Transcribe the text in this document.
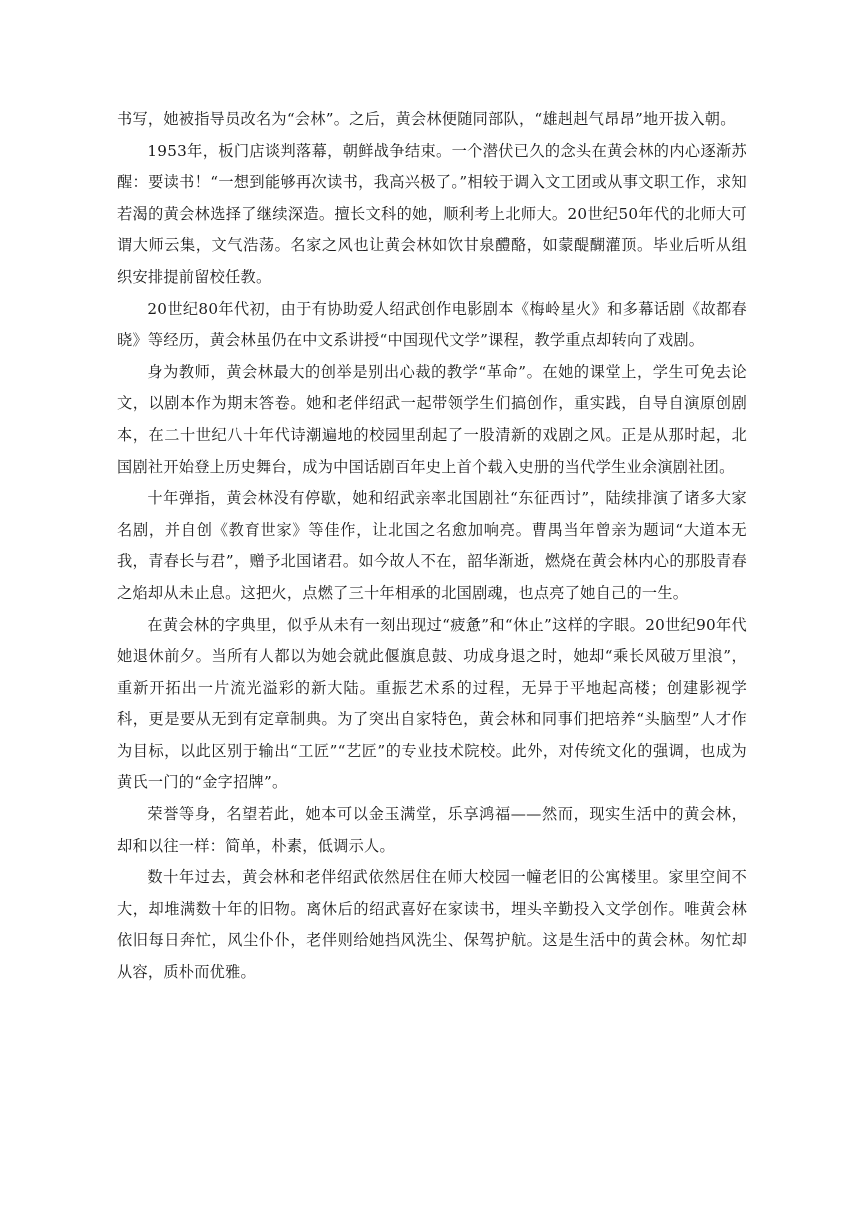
书写，她被指导员改名为“会林”。之后，黄会林便随同部队，“雄赳赳气昂昂”地开拔入朝。

1953年，板门店谈判落幕，朝鲜战争结束。一个潜伏已久的念头在黄会林的内心逐渐苏醒：要读书！“一想到能够再次读书，我高兴极了。”相较于调入文工团或从事文职工作，求知若渴的黄会林选择了继续深造。擅长文科的她，顺利考上北师大。20世纪50年代的北师大可谓大师云集，文气浩荡。名家之风也让黄会林如饮甘泉醴酪，如蒙醍醐灌顶。毕业后听从组织安排提前留校任教。

20世纪80年代初，由于有协助爱人绍武创作电影剧本《梅岭星火》和多幕话剧《故都春晓》等经历，黄会林虽仍在中文系讲授“中国现代文学”课程，教学重点却转向了戏剧。

身为教师，黄会林最大的创举是别出心裁的教学“革命”。在她的课堂上，学生可免去论文，以剧本作为期末答卷。她和老伴绍武一起带领学生们搞创作，重实践，自导自演原创剧本，在二十世纪八十年代诗潮遍地的校园里刮起了一股清新的戏剧之风。正是从那时起，北国剧社开始登上历史舞台，成为中国话剧百年史上首个载入史册的当代学生业余演剧社团。

十年弹指，黄会林没有停歇，她和绍武亲率北国剧社“东征西讨”，陆续排演了诸多大家名剧，并自创《教育世家》等佳作，让北国之名愈加响亮。曹禺当年曾亲为题词“大道本无我，青春长与君”，赠予北国诸君。如今故人不在，韶华渐逝，燃烧在黄会林内心的那股青春之焰却从未止息。这把火，点燃了三十年相承的北国剧魂，也点亮了她自己的一生。

在黄会林的字典里，似乎从未有一刻出现过“疲惫”和“休止”这样的字眼。20世纪90年代她退休前夕。当所有人都以为她会就此偃旗息鼓、功成身退之时，她却“乘长风破万里浪”，重新开拓出一片流光溢彩的新大陆。重振艺术系的过程，无异于平地起高楼；创建影视学科，更是要从无到有定章制典。为了突出自家特色，黄会林和同事们把培养“头脑型”人才作为目标，以此区别于输出“工匠”“艺匠”的专业技术院校。此外，对传统文化的强调，也成为黄氏一门的“金字招牌”。

荣誉等身，名望若此，她本可以金玉满堂，乐享鸿福——然而，现实生活中的黄会林，却和以往一样：简单，朴素，低调示人。

数十年过去，黄会林和老伴绍武依然居住在师大校园一幢老旧的公寓楼里。家里空间不大，却堆满数十年的旧物。离休后的绍武喜好在家读书，埋头辛勤投入文学创作。唯黄会林依旧每日奔忙，风尘仆仆，老伴则给她挡风洗尘、保驾护航。这是生活中的黄会林。匆忙却从容，质朴而优雅。
